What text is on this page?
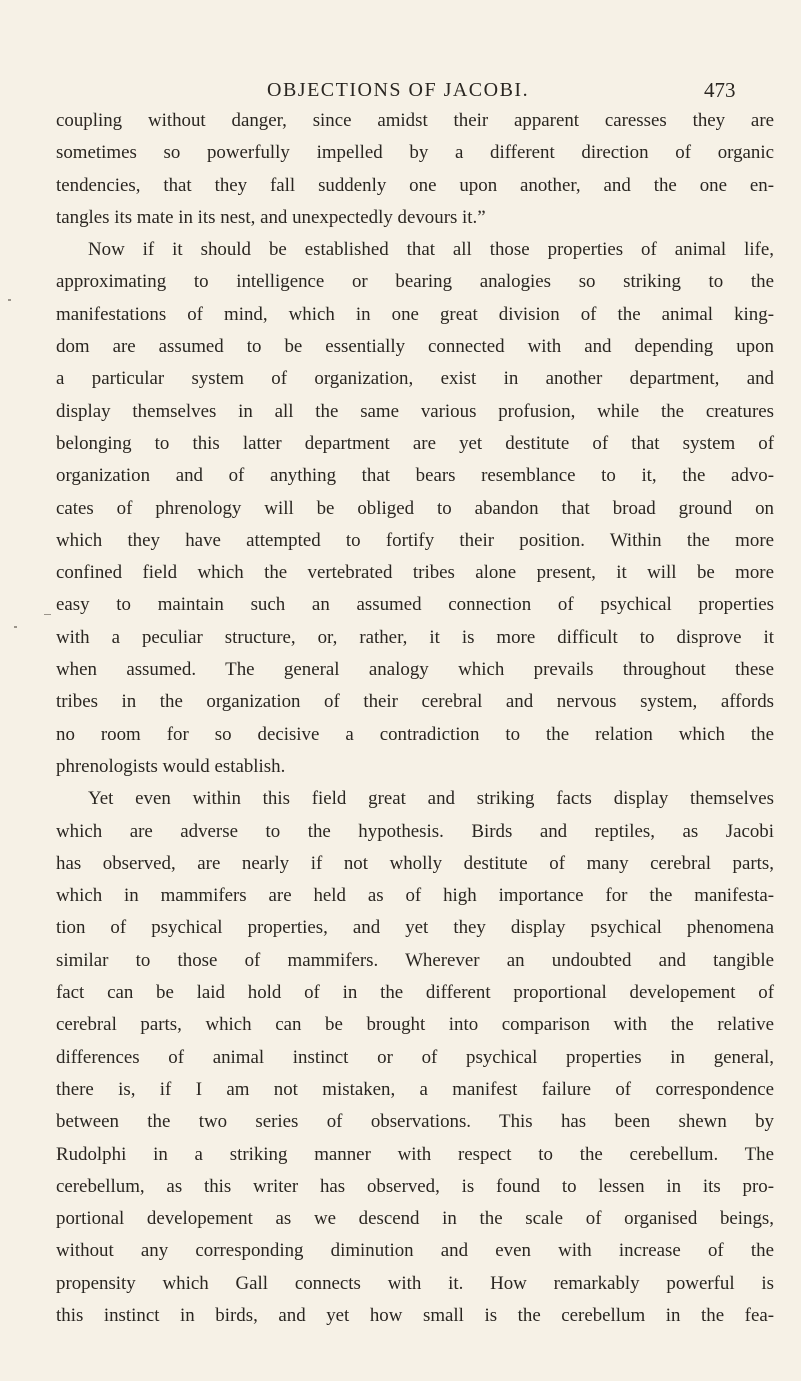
OBJECTIONS OF JACOBI.	473
coupling without danger, since amidst their apparent caresses they are
sometimes so powerfully impelled by a different direction of organic
tendencies, that they fall suddenly one upon another, and the one en-
tangles its mate in its nest, and unexpectedly devours it.”
Now if it should be established that all those properties of animal life,
approximating to intelligence or bearing analogies so striking to the
manifestations of mind, which in one great division of the animal king-
dom are assumed to be essentially connected with and depending upon
a particular system of organization, exist in another department, and
display themselves in all the same various profusion, while the creatures
belonging to this latter department are yet destitute of that system of
organization and of anything that bears resemblance to it, the advo-
cates of phrenology will be obliged to abandon that broad ground on
which they have attempted to fortify their position. Within the more
confined field which the vertebrated tribes alone present, it will be more
easy to maintain such an assumed connection of psychical properties
with a peculiar structure, or, rather, it is more difficult to disprove it
when assumed. The general analogy which prevails throughout these
tribes in the organization of their cerebral and nervous system, affords
no room for so decisive a contradiction to the relation which the
phrenologists would establish.
Yet even within this field great and striking facts display themselves
which are adverse to the hypothesis. Birds and reptiles, as Jacobi
has observed, are nearly if not wholly destitute of many cerebral parts,
which in mammifers are held as of high importance for the manifesta-
tion of psychical properties, and yet they display psychical phenomena
similar to those of mammifers. Wherever an undoubted and tangible
fact can be laid hold of in the different proportional developement of
cerebral parts, which can be brought into comparison with the relative
differences of animal instinct or of psychical properties in general,
there is, if I am not mistaken, a manifest failure of correspondence
between the two series of observations. This has been shewn by
Rudolphi in a striking manner with respect to the cerebellum. The
cerebellum, as this writer has observed, is found to lessen in its pro-
portional developement as we descend in the scale of organised beings,
without any corresponding diminution and even with increase of the
propensity which Gall connects with it. How remarkably powerful is
this instinct in birds, and yet how small is the cerebellum in the fea-
